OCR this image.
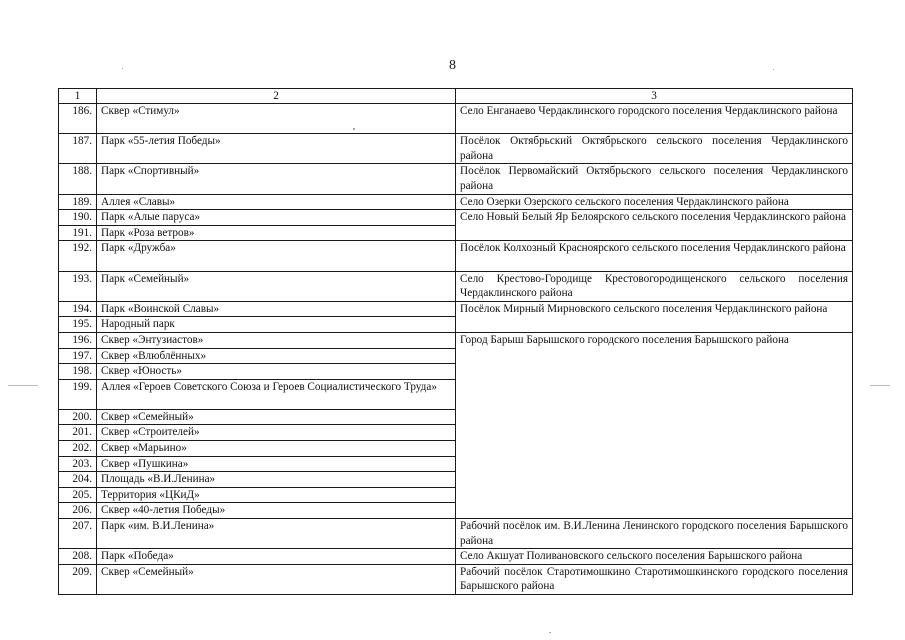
8
1	2	3
186.	Сквер «Стимул»	Село Енганаево Чердаклинского городского поселения Чердаклинского района
187.	Парк «55-летия Победы»	Посёлок Октябрьский Октябрьского сельского поселения Чердаклинского района
188.	Парк «Спортивный»	Посёлок Первомайский Октябрьского сельского поселения Чердаклинского района
189.	Аллея «Славы»	Село Озерки Озерского сельского поселения Чердаклинского района
190.	Парк «Алые паруса»	Село Новый Белый Яр Белоярского сельского поселения Чердаклинского района
191.	Парк «Роза ветров»	
192.	Парк «Дружба»	Посёлок Колхозный Красноярского сельского поселения Чердаклинского района
193.	Парк «Семейный»	Село Крестово-Городище Крестовогородищенского сельского поселения Чердаклинского района
194.	Парк «Воинской Славы»	Посёлок Мирный Мирновского сельского поселения Чердаклинского района
195.	Народный парк	
196.	Сквер «Энтузиастов»	Город Барыш Барышского городского поселения Барышского района
197.	Сквер «Влюблённых»	
198.	Сквер «Юность»	
199.	Аллея «Героев Советского Союза и Героев Социалистического Труда»	
200.	Сквер «Семейный»	
201.	Сквер «Строителей»	
202.	Сквер «Марьино»	
203.	Сквер «Пушкина»	
204.	Площадь «В.И.Ленина»	
205.	Территория «ЦКиД»	
206.	Сквер «40-летия Победы»	
207.	Парк «им. В.И.Ленина»	Рабочий посёлок им. В.И.Ленина Ленинского городского поселения Барышского района
208.	Парк «Победа»	Село Акшуат Поливановского сельского поселения Барышского района
209.	Сквер «Семейный»	Рабочий посёлок Старотимошкино Старотимошкинского городского поселения Барышского района
